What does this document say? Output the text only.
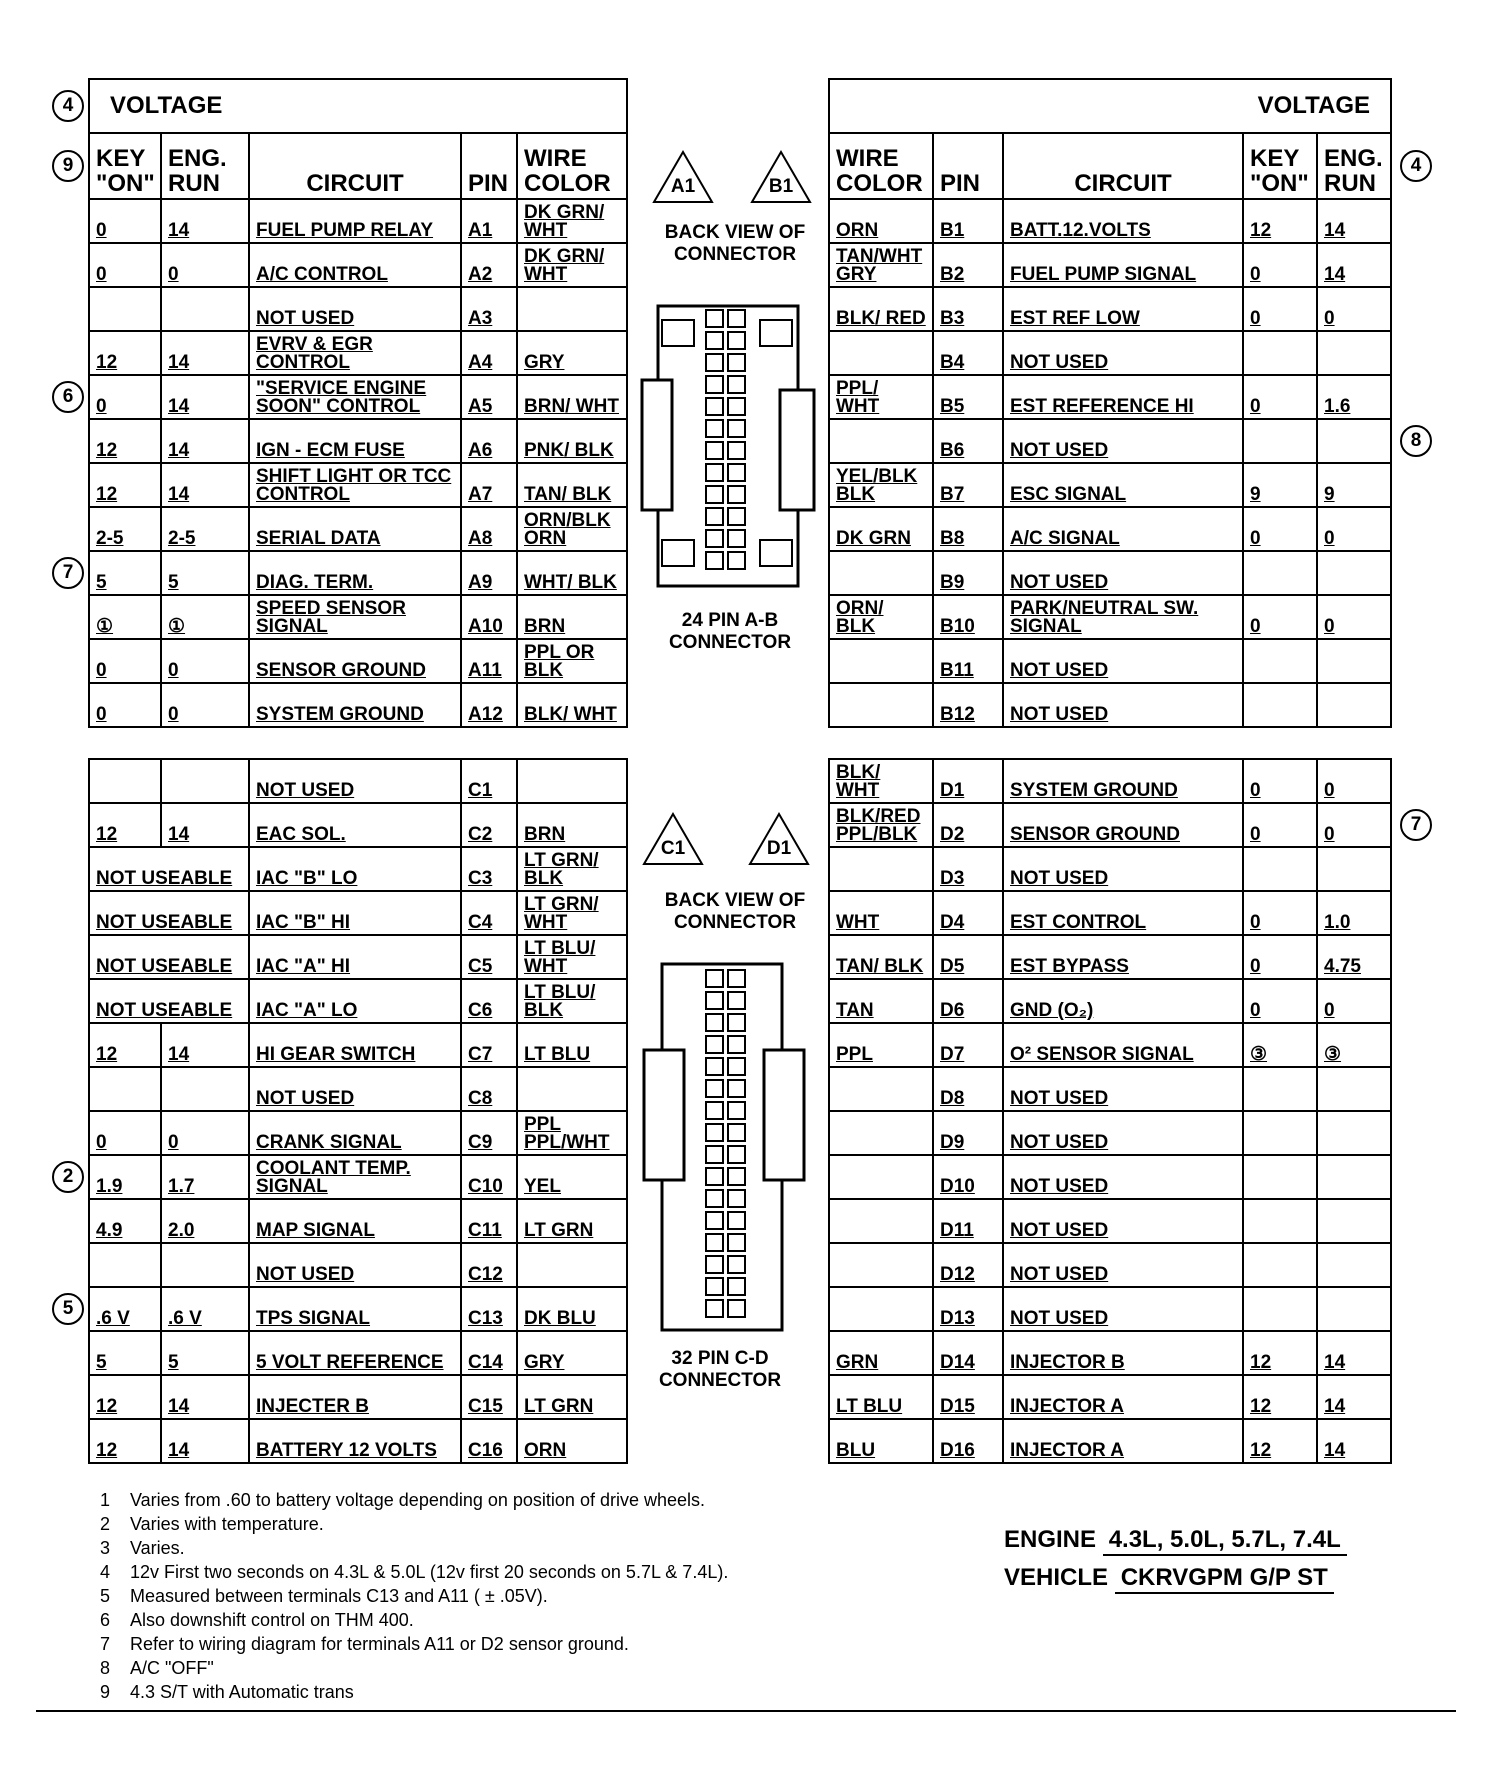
VOLTAGE				
KEY "ON"	ENG. RUN	CIRCUIT	PIN	WIRE COLOR
0	14	FUEL PUMP RELAY	A1	DK GRN/ WHT
0	0	A/C CONTROL	A2	DK GRN/ WHT
		NOT USED	A3	
12	14	EVRV & EGR CONTROL	A4	GRY
0	14	"SERVICE ENGINE SOON" CONTROL	A5	BRN/ WHT
12	14	IGN - ECM FUSE	A6	PNK/ BLK
12	14	SHIFT LIGHT OR TCC CONTROL	A7	TAN/ BLK
2-5	2-5	SERIAL DATA	A8	ORN/BLK ORN
5	5	DIAG. TERM.	A9	WHT/ BLK
①	①	SPEED SENSOR SIGNAL	A10	BRN
0	0	SENSOR GROUND	A11	PPL OR BLK
0	0	SYSTEM GROUND	A12	BLK/ WHT
		NOT USED	C1	
12	14	EAC SOL.	C2	BRN
NOT USEABLE		IAC "B" LO	C3	LT GRN/ BLK
NOT USEABLE		IAC "B" HI	C4	LT GRN/ WHT
NOT USEABLE		IAC "A" HI	C5	LT BLU/ WHT
NOT USEABLE		IAC "A" LO	C6	LT BLU/ BLK
12	14	HI GEAR SWITCH	C7	LT BLU
		NOT USED	C8	
0	0	CRANK SIGNAL	C9	PPL PPL/WHT
1.9	1.7	COOLANT TEMP. SIGNAL	C10	YEL
4.9	2.0	MAP SIGNAL	C11	LT GRN
		NOT USED	C12	
.6 V	.6 V	TPS SIGNAL	C13	DK BLU
5	5	5 VOLT REFERENCE	C14	GRY
12	14	INJECTER B	C15	LT GRN
12	14	BATTERY 12 VOLTS	C16	ORN
VOLTAGE				
WIRE COLOR	PIN	CIRCUIT	KEY "ON"	ENG. RUN
ORN	B1	BATT.12.VOLTS	12	14
TAN/WHT GRY	B2	FUEL PUMP SIGNAL	0	14
BLK/ RED	B3	EST REF LOW	0	0
	B4	NOT USED		
PPL/ WHT	B5	EST REFERENCE HI	0	1.6
	B6	NOT USED		
YEL/BLK BLK	B7	ESC SIGNAL	9	9
DK GRN	B8	A/C SIGNAL	0	0
	B9	NOT USED		
ORN/ BLK	B10	PARK/NEUTRAL SW. SIGNAL	0	0
	B11	NOT USED		
	B12	NOT USED		
BLK/ WHT	D1	SYSTEM GROUND	0	0
BLK/RED PPL/BLK	D2	SENSOR GROUND	0	0
	D3	NOT USED		
WHT	D4	EST CONTROL	0	1.0
TAN/ BLK	D5	EST BYPASS	0	4.75
TAN	D6	GND (O₂)	0	0
PPL	D7	O² SENSOR SIGNAL	③	③
	D8	NOT USED		
	D9	NOT USED		
	D10	NOT USED		
	D11	NOT USED		
	D12	NOT USED		
	D13	NOT USED		
GRN	D14	INJECTOR B	12	14
LT BLU	D15	INJECTOR A	12	14
BLU	D16	INJECTOR A	12	14
4
9
6
7
2
5
4
8
7
A1	B1
BACK VIEW OF CONNECTOR
24 PIN A-B CONNECTOR
C1	D1
BACK VIEW OF CONNECTOR
32 PIN C-D CONNECTOR
1 Varies from .60 to battery voltage depending on position of drive wheels.
2 Varies with temperature.
3 Varies.
4 12v First two seconds on 4.3L & 5.0L (12v first 20 seconds on 5.7L & 7.4L).
5 Measured between terminals C13 and A11 ( ± .05V).
6 Also downshift control on THM 400.
7 Refer to wiring diagram for terminals A11 or D2 sensor ground.
8 A/C "OFF"
9 4.3 S/T with Automatic trans
ENGINE 4.3L, 5.0L, 5.7L, 7.4L
VEHICLE CKRVGPM G/P ST
